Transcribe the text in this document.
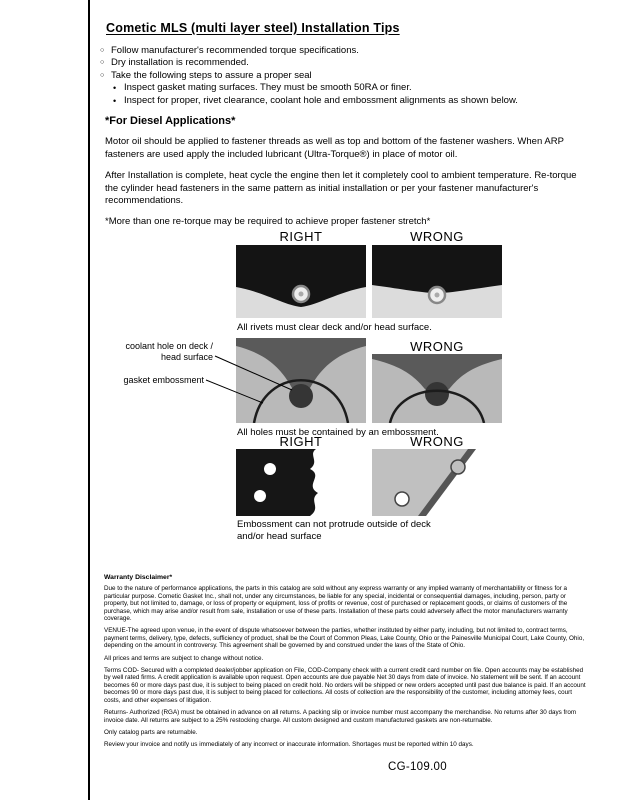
Cometic MLS (multi layer steel) Installation Tips
○ Follow manufacturer's recommended torque specifications.
○ Dry installation is recommended.
○ Take the following steps to assure a proper seal
• Inspect gasket mating surfaces. They must be smooth 50RA or finer.
• Inspect for proper, rivet clearance, coolant hole and embossment alignments as shown below.
*For Diesel Applications*

Motor oil should be applied to fastener threads as well as top and bottom of the fastener washers. When ARP fasteners are used apply the included lubricant (Ultra-Torque®) in place of motor oil.

After Installation is complete, heat cycle the engine then let it completely cool to ambient temperature. Re-torque the cylinder head fasteners in the same pattern as initial installation or per your fastener manufacturer's recommendations.

*More than one re-torque may be required to achieve proper fastener stretch*

RIGHT	WRONG
All rivets must clear deck and/or head surface.
coolant hole on deck / head surface
gasket embossment
WRONG
All holes must be contained by an embossment.
RIGHT	WRONG
Embossment can not protrude outside of deck and/or head surface
Warranty Disclaimer*

Due to the nature of performance applications, the parts in this catalog are sold without any express warranty or any implied warranty of merchantability or fitness for a particular purpose. Cometic Gasket Inc., shall not, under any circumstances, be liable for any special, incidental or consequential damages, including, person, party or property, but not limited to, damage, or loss of property or equipment, loss of profits or revenue, cost of purchased or replacement goods, or claims of customers of the purchase, which may arise and/or result from sale, installation or use of these parts. Installation of these parts could adversely affect the motor manufacturers warranty coverage.

VENUE-The agreed upon venue, in the event of dispute whatsoever between the parties, whether instituted by either party, including, but not limited to, contract terms, payment terms, delivery, type, defects, sufficiency of product, shall be the Court of Common Pleas, Lake County, Ohio or the Painesville Municipal Court, Lake County, Ohio, depending on the amount in controversy. This agreement shall be governed by and construed under the laws of the State of Ohio.

All prices and terms are subject to change without notice.

Terms COD- Secured with a completed dealer/jobber application on File, COD-Company check with a current credit card number on file. Open accounts may be established by well rated firms. A credit application is available upon request. Open accounts are due payable Net 30 days from date of invoice. No statement will be sent. If an account becomes 60 or more days past due, it is subject to being placed on credit hold. No orders will be shipped or new orders accepted until past due balance is paid. If an account becomes 90 or more days past due, it is subject to being placed for collections. All costs of collection are the responsibility of the customer, including attorney fees, court costs, and other expenses of litigation.

Returns- Authorized (RGA) must be obtained in advance on all returns. A packing slip or invoice number must accompany the merchandise. No returns after 30 days from invoice date. All returns are subject to a 25% restocking charge. All custom designed and custom manufactured gaskets are non-returnable.

Only catalog parts are returnable.

Review your invoice and notify us immediately of any incorrect or inaccurate information. Shortages must be reported within 10 days.

CG-109.00
